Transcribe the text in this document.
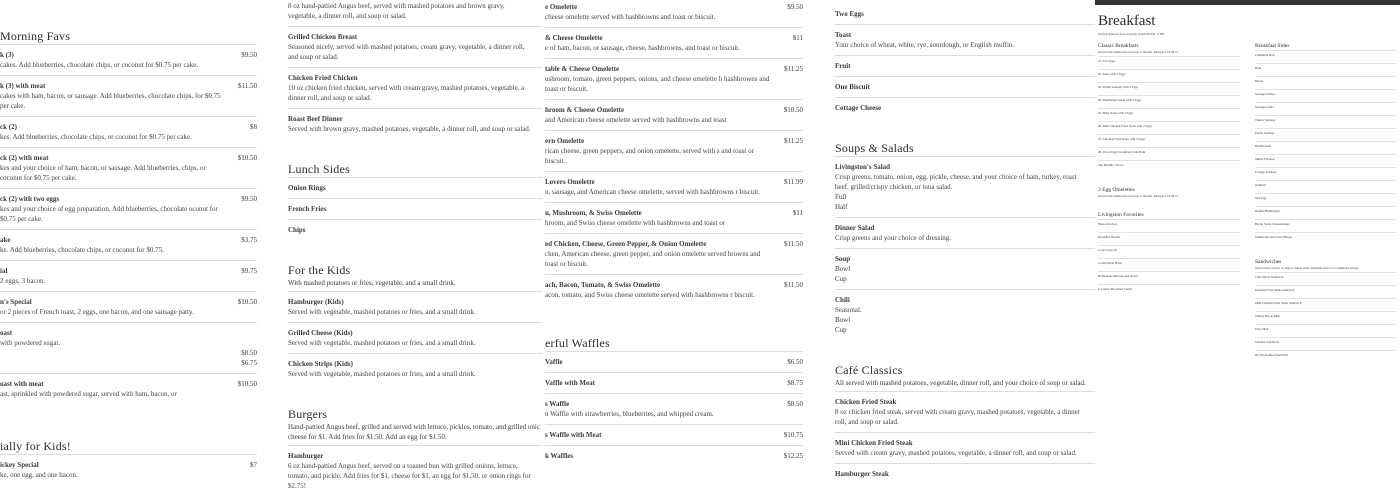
Morning Favs
k (3)	$9.50
cakes. Add blueberries, chocolate chips, or coconut for $0.75 per cake.
k (3) with meat	$11.50
cakes with ham, bacon, or sausage. Add blueberries, chocolate chips, for $0.75 per cake.
ck (2)	$8
kes. Add blueberries, chocolate chips, or coconut for $0.75 per cake.
ck (2) with meat	$10.50
kes and your choice of ham, bacon, or sausage. Add blueberries, chips, or coconut for $0.75 per cake.
ck (2) with two eggs	$9.50
kes and your choice of egg preparation. Add blueberries, chocolate oconut for $0.75 per cake.
ake	$3.75
ke. Add blueberries, chocolate chips, or coconut for $0.75.
ial	$9.75
2 eggs, 3 bacon.
n's Special	$10.50
or 2 pieces of French toast, 2 eggs, one bacon, and one sausage patty.
oast
with powdered sugar.
$8.50
$6.75
oast with meat	$10.50
ast, sprinkled with powdered sugar, served with ham, bacon, or
ially for Kids!
ickey Special	$7
ke, one egg, and one bacon.
8 oz hand-pattied Angus beef, served with mashed potatoes and brown gravy, vegetable, a dinner roll, and soup or salad.
Grilled Chicken Breast
Seasoned nicely, served with mashed potatoes, cream gravy, vegetable, a dinner roll, and soup or salad.
Chicken Fried Chicken
10 oz chicken fried chicken, served with cream gravy, mashed potatoes, vegetable, a dinner roll, and soup or salad.
Roast Beef Dinner
Served with brown gravy, mashed potatoes, vegetable, a dinner roll, and soup or salad.
Lunch Sides
Onion Rings
French Fries
Chips
For the Kids
With mashed potatoes or fries, vegetable, and a small drink.
Hamburger (Kids)
Served with vegetable, mashed potatoes or fries, and a small drink.
Grilled Cheese (Kids)
Served with vegetable, mashed potatoes or fries, and a small drink.
Chicken Strips (Kids)
Served with vegetable, mashed potatoes or fries, and a small drink.
Burgers
Hand-pattied Angus beef, grilled and served with lettuce, pickles, tomato, and grilled onic cheese for $1. Add fries for $1.50. Add an egg for $1.50.
Hamburger
6 oz hand-pattied Angus beef, served on a toasted bun with grilled onions, lettuce, tomato, and pickle. Add fries for $1, cheese for $1, an egg for $1.50, or onion rings for $2.75!
e Omelette	$9.50
cheese omelette served with hashbrowns and toast or biscuit.
& Cheese Omelette	$11
e of ham, bacon, or sausage, cheese, hashbrowns, and toast or biscuit.
table & Cheese Omelette	$11.25
ushroom, tomato, green peppers, onions, and cheese omelette h hashbrowns and toast or biscuit.
hroom & Cheese Omelette	$10.50
and American cheese omelette served with hashbrowns and toast
ern Omelette	$11.25
rican cheese, green peppers, and onion omelette, served with s and toast or biscuit.
Lovers Omelette	$11.99
n, sausage, and American cheese omelette, served with hashbrowns r biscuit.
n, Mushroom, & Swiss Omelette	$11
hroom, and Swiss cheese omelette with hashbrowns and toast or
ed Chicken, Cheese, Green Pepper, & Onion Omelette	$11.50
cken, American cheese, green pepper, and onion omelette served browns and toast or biscuit.
ach, Bacon, Tomato, & Swiss Omelette	$11.50
acon, tomato, and Swiss cheese omelette served with hashbrowns r biscuit.
erful Waffles
Vaffle	$6.50
Vaffle with Meat	$8.75
s Waffle	$8.50
n Waffle with strawberries, blueberries, and whipped cream.
s Waffle with Meat	$10.75
k Waffles	$12.25
Two Eggs
Toast
Your choice of wheat, white, rye, sourdough, or English muffin.
Fruit
One Biscuit
Cottage Cheese
Soups & Salads
Livingston's Salad
Crisp greens, tomato, onion, egg, pickle, cheese, and your choice of ham, turkey, roast beef, grilled/crispy chicken, or tuna salad.
Full
Half
Dinner Salad
Crisp greens and your choice of dressing.
Soup
Bowl
Cup
Chili
Seasonal.
Bowl
Cup
Café Classics
All served with mashed potatoes, vegetable, dinner roll, and your choice of soup or salad.
Chicken Fried Steak
8 oz chicken fried steak, served with cream gravy, mashed potatoes, vegetable, a dinner roll, and soup or salad.
Mini Chicken Fried Steak
Served with cream gravy, mashed potatoes, vegetable, a dinner roll, and soup or salad.
Hamburger Steak
Breakfast
Serving delicious food everyday from 6:30 AM - 2 PM.
Classic Breakfasts
Served with hashbrowns and toast or biscuits. Add gravy for $0.75.
#1. Two Eggs
#2. Meat with 2 Eggs
#3. Polish Sausage with 2 Eggs
#4. Hamburger Steak with 2 Eggs
#5. Ham Steak with 2 Eggs
#6. Mini Chicken Fried Steak with 2 Eggs
#7. Chicken Fried Steak with 2 Eggs
#8. Three Eggs Scrambled with Ham
The Healthy Choice
3 Egg Omelettes
Served with hashbrowns and toast or biscuits. Add gravy for $0.75.
Livingston Favorites
Huevo Rachos
Breakfast Burrito
Cook's Special
Corned Beef Hash
Homemade Biscuits and Gravy
Lacretia's Breakfast Sandy
Breakfast Sides
Cinnamon Roll
Ham
Bacon
Sausage Patties
Sausage Links
Turkey Sausage
Polish Sausage
Hashbrowns
Skillet Potatoes
Cottage Potatoes
Oatmeal
One Egg
Double Hamburger
Bacon Swiss Cheeseburger
Mushroom and Swiss Burger
Sandwiches
Served with a choice of chips or dinner salad. Substitute fries for no additional charge.
Club Sliced Sandwich
Chicken Fried Steak Sandwich
Mini Chicken Fried Steak Sandwich
Turkey Bacon Melt
Patty Melt
Chicken Sandwich
Hot Roast Beef Sandwich
